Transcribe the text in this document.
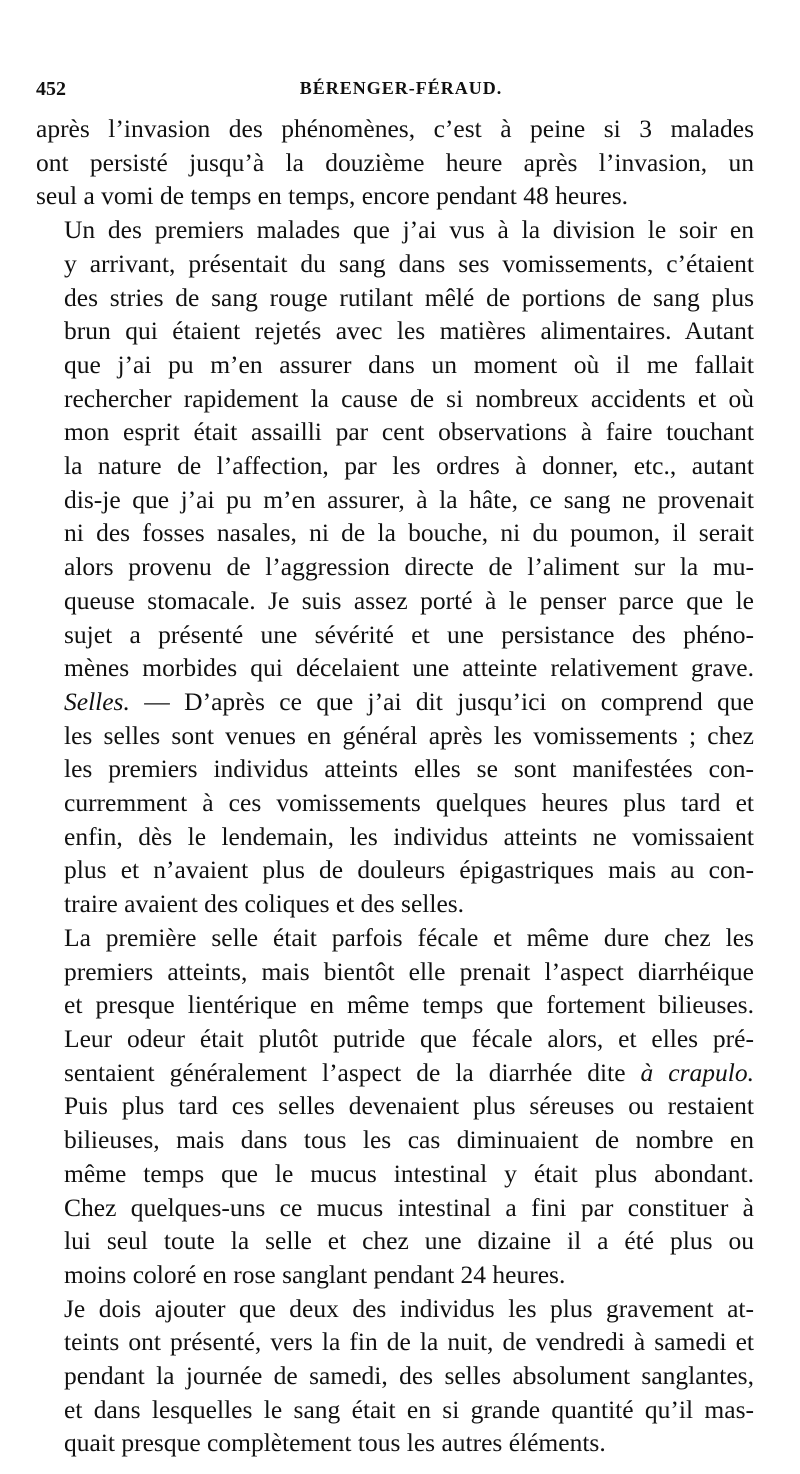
452	BÉRENGER-FÉRAUD.

après l’invasion des phénomènes, c’est à peine si 3 malades
ont persisté jusqu’à la douzième heure après l’invasion, un
seul a vomi de temps en temps, encore pendant 48 heures.

Un des premiers malades que j’ai vus à la division le soir en
y arrivant, présentait du sang dans ses vomissements, c’étaient
des stries de sang rouge rutilant mêlé de portions de sang plus
brun qui étaient rejetés avec les matières alimentaires. Autant
que j’ai pu m’en assurer dans un moment où il me fallait
rechercher rapidement la cause de si nombreux accidents et où
mon esprit était assailli par cent observations à faire touchant
la nature de l’affection, par les ordres à donner, etc., autant
dis-je que j’ai pu m’en assurer, à la hâte, ce sang ne provenait
ni des fosses nasales, ni de la bouche, ni du poumon, il serait
alors provenu de l’aggression directe de l’aliment sur la mu-
queuse stomacale. Je suis assez porté à le penser parce que le
sujet a présenté une sévérité et une persistance des phéno-
mènes morbides qui décelaient une atteinte relativement grave.

Selles. — D’après ce que j’ai dit jusqu’ici on comprend que
les selles sont venues en général après les vomissements ; chez
les premiers individus atteints elles se sont manifestées con-
curremment à ces vomissements quelques heures plus tard et
enfin, dès le lendemain, les individus atteints ne vomissaient
plus et n’avaient plus de douleurs épigastriques mais au con-
traire avaient des coliques et des selles.

La première selle était parfois fécale et même dure chez les
premiers atteints, mais bientôt elle prenait l’aspect diarrhéique
et presque lientérique en même temps que fortement bilieuses.
Leur odeur était plutôt putride que fécale alors, et elles pré-
sentaient généralement l’aspect de la diarrhée dite à crapulo.
Puis plus tard ces selles devenaient plus séreuses ou restaient
bilieuses, mais dans tous les cas diminuaient de nombre en
même temps que le mucus intestinal y était plus abondant.

Chez quelques-uns ce mucus intestinal a fini par constituer à
lui seul toute la selle et chez une dizaine il a été plus ou
moins coloré en rose sanglant pendant 24 heures.

Je dois ajouter que deux des individus les plus gravement at-
teints ont présenté, vers la fin de la nuit, de vendredi à samedi et
pendant la journée de samedi, des selles absolument sanglantes,
et dans lesquelles le sang était en si grande quantité qu’il mas-
quait presque complètement tous les autres éléments.
